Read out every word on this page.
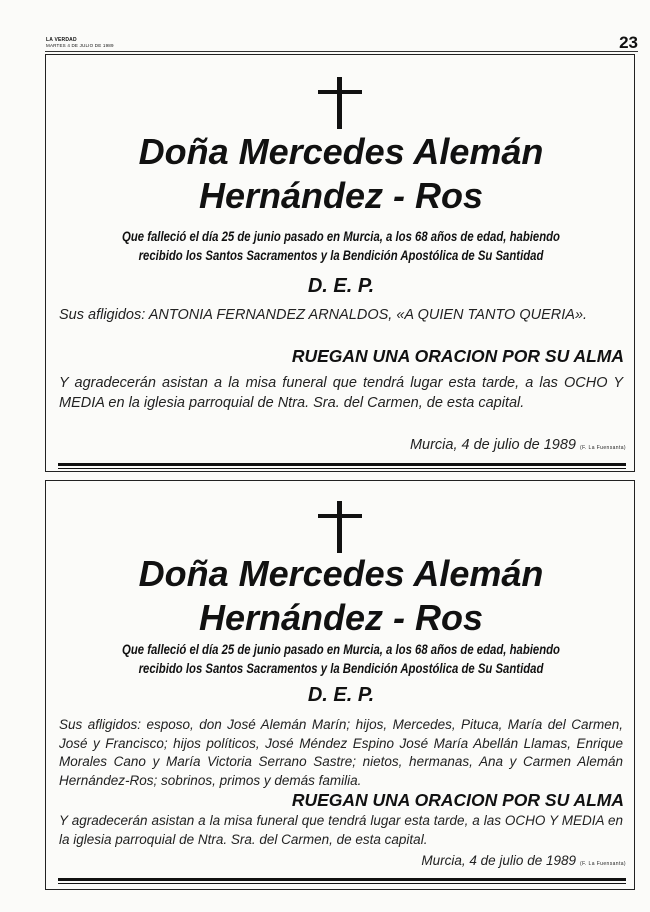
LA VERDAD
MARTES 4 DE JULIO DE 1989	23
Doña Mercedes Alemán
Hernández - Ros
Que falleció el día 25 de junio pasado en Murcia, a los 68 años de edad, habiendo
recibido los Santos Sacramentos y la Bendición Apostólica de Su Santidad
D. E. P.
Sus afligidos: ANTONIA FERNANDEZ ARNALDOS, «A QUIEN TANTO QUERIA».
RUEGAN UNA ORACION POR SU ALMA
Y agradecerán asistan a la misa funeral que tendrá lugar esta tarde, a las OCHO Y MEDIA en la iglesia parroquial de Ntra. Sra. del Carmen, de esta capital.
Murcia, 4 de julio de 1989 (F. La Fuensanta)
Doña Mercedes Alemán
Hernández - Ros
Que falleció el día 25 de junio pasado en Murcia, a los 68 años de edad, habiendo
recibido los Santos Sacramentos y la Bendición Apostólica de Su Santidad
D. E. P.
Sus afligidos: esposo, don José Alemán Marín; hijos, Mercedes, Pituca, María del Carmen, José y Francisco; hijos políticos, José Méndez Espino José María Abellán Llamas, Enrique Morales Cano y María Victoria Serrano Sastre; nietos, hermanas, Ana y Carmen Alemán Hernández-Ros; sobrinos, primos y demás familia.
RUEGAN UNA ORACION POR SU ALMA
Y agradecerán asistan a la misa funeral que tendrá lugar esta tarde, a las OCHO Y MEDIA en la iglesia parroquial de Ntra. Sra. del Carmen, de esta capital.
Murcia, 4 de julio de 1989 (F. La Fuensanta)
